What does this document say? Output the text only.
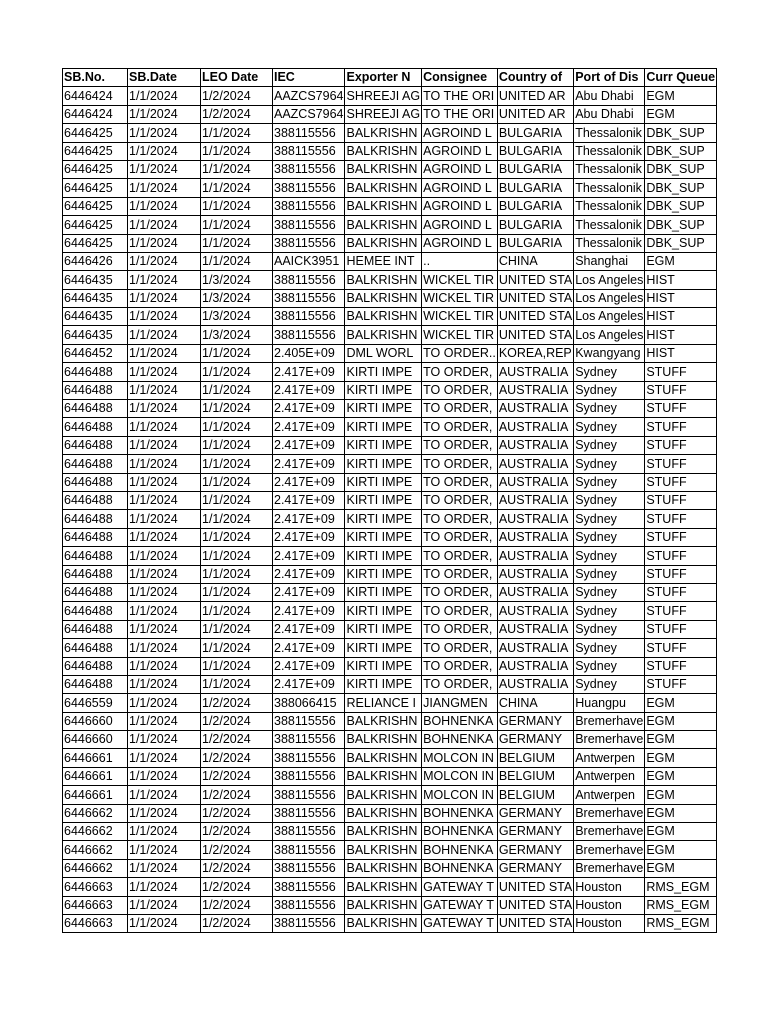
SB.No.	SB.Date	LEO Date	IEC	Exporter N	Consignee	Country of	Port of Dis	Curr Queue
6446424	1/1/2024	1/2/2024	AAZCS7964	SHREEJI AG	TO THE ORI	UNITED AR	Abu Dhabi	EGM
6446424	1/1/2024	1/2/2024	AAZCS7964	SHREEJI AG	TO THE ORI	UNITED AR	Abu Dhabi	EGM
6446425	1/1/2024	1/1/2024	388115556	BALKRISHN	AGROIND L	BULGARIA	Thessalonik	DBK_SUP
6446425	1/1/2024	1/1/2024	388115556	BALKRISHN	AGROIND L	BULGARIA	Thessalonik	DBK_SUP
6446425	1/1/2024	1/1/2024	388115556	BALKRISHN	AGROIND L	BULGARIA	Thessalonik	DBK_SUP
6446425	1/1/2024	1/1/2024	388115556	BALKRISHN	AGROIND L	BULGARIA	Thessalonik	DBK_SUP
6446425	1/1/2024	1/1/2024	388115556	BALKRISHN	AGROIND L	BULGARIA	Thessalonik	DBK_SUP
6446425	1/1/2024	1/1/2024	388115556	BALKRISHN	AGROIND L	BULGARIA	Thessalonik	DBK_SUP
6446425	1/1/2024	1/1/2024	388115556	BALKRISHN	AGROIND L	BULGARIA	Thessalonik	DBK_SUP
6446426	1/1/2024	1/1/2024	AAICK3951	HEMEE INT	..	CHINA	Shanghai	EGM
6446435	1/1/2024	1/3/2024	388115556	BALKRISHN	WICKEL TIR	UNITED STA	Los Angeles	HIST
6446435	1/1/2024	1/3/2024	388115556	BALKRISHN	WICKEL TIR	UNITED STA	Los Angeles	HIST
6446435	1/1/2024	1/3/2024	388115556	BALKRISHN	WICKEL TIR	UNITED STA	Los Angeles	HIST
6446435	1/1/2024	1/3/2024	388115556	BALKRISHN	WICKEL TIR	UNITED STA	Los Angeles	HIST
6446452	1/1/2024	1/1/2024	2.405E+09	DML WORL	TO ORDER..	KOREA,REP	Kwangyang	HIST
6446488	1/1/2024	1/1/2024	2.417E+09	KIRTI IMPE	TO ORDER,	AUSTRALIA	Sydney	STUFF
6446488	1/1/2024	1/1/2024	2.417E+09	KIRTI IMPE	TO ORDER,	AUSTRALIA	Sydney	STUFF
6446488	1/1/2024	1/1/2024	2.417E+09	KIRTI IMPE	TO ORDER,	AUSTRALIA	Sydney	STUFF
6446488	1/1/2024	1/1/2024	2.417E+09	KIRTI IMPE	TO ORDER,	AUSTRALIA	Sydney	STUFF
6446488	1/1/2024	1/1/2024	2.417E+09	KIRTI IMPE	TO ORDER,	AUSTRALIA	Sydney	STUFF
6446488	1/1/2024	1/1/2024	2.417E+09	KIRTI IMPE	TO ORDER,	AUSTRALIA	Sydney	STUFF
6446488	1/1/2024	1/1/2024	2.417E+09	KIRTI IMPE	TO ORDER,	AUSTRALIA	Sydney	STUFF
6446488	1/1/2024	1/1/2024	2.417E+09	KIRTI IMPE	TO ORDER,	AUSTRALIA	Sydney	STUFF
6446488	1/1/2024	1/1/2024	2.417E+09	KIRTI IMPE	TO ORDER,	AUSTRALIA	Sydney	STUFF
6446488	1/1/2024	1/1/2024	2.417E+09	KIRTI IMPE	TO ORDER,	AUSTRALIA	Sydney	STUFF
6446488	1/1/2024	1/1/2024	2.417E+09	KIRTI IMPE	TO ORDER,	AUSTRALIA	Sydney	STUFF
6446488	1/1/2024	1/1/2024	2.417E+09	KIRTI IMPE	TO ORDER,	AUSTRALIA	Sydney	STUFF
6446488	1/1/2024	1/1/2024	2.417E+09	KIRTI IMPE	TO ORDER,	AUSTRALIA	Sydney	STUFF
6446488	1/1/2024	1/1/2024	2.417E+09	KIRTI IMPE	TO ORDER,	AUSTRALIA	Sydney	STUFF
6446488	1/1/2024	1/1/2024	2.417E+09	KIRTI IMPE	TO ORDER,	AUSTRALIA	Sydney	STUFF
6446488	1/1/2024	1/1/2024	2.417E+09	KIRTI IMPE	TO ORDER,	AUSTRALIA	Sydney	STUFF
6446488	1/1/2024	1/1/2024	2.417E+09	KIRTI IMPE	TO ORDER,	AUSTRALIA	Sydney	STUFF
6446488	1/1/2024	1/1/2024	2.417E+09	KIRTI IMPE	TO ORDER,	AUSTRALIA	Sydney	STUFF
6446559	1/1/2024	1/2/2024	388066415	RELIANCE I	JIANGMEN	CHINA	Huangpu	EGM
6446660	1/1/2024	1/2/2024	388115556	BALKRISHN	BOHNENKA	GERMANY	Bremerhave	EGM
6446660	1/1/2024	1/2/2024	388115556	BALKRISHN	BOHNENKA	GERMANY	Bremerhave	EGM
6446661	1/1/2024	1/2/2024	388115556	BALKRISHN	MOLCON IN	BELGIUM	Antwerpen	EGM
6446661	1/1/2024	1/2/2024	388115556	BALKRISHN	MOLCON IN	BELGIUM	Antwerpen	EGM
6446661	1/1/2024	1/2/2024	388115556	BALKRISHN	MOLCON IN	BELGIUM	Antwerpen	EGM
6446662	1/1/2024	1/2/2024	388115556	BALKRISHN	BOHNENKA	GERMANY	Bremerhave	EGM
6446662	1/1/2024	1/2/2024	388115556	BALKRISHN	BOHNENKA	GERMANY	Bremerhave	EGM
6446662	1/1/2024	1/2/2024	388115556	BALKRISHN	BOHNENKA	GERMANY	Bremerhave	EGM
6446662	1/1/2024	1/2/2024	388115556	BALKRISHN	BOHNENKA	GERMANY	Bremerhave	EGM
6446663	1/1/2024	1/2/2024	388115556	BALKRISHN	GATEWAY T	UNITED STA	Houston	RMS_EGM
6446663	1/1/2024	1/2/2024	388115556	BALKRISHN	GATEWAY T	UNITED STA	Houston	RMS_EGM
6446663	1/1/2024	1/2/2024	388115556	BALKRISHN	GATEWAY T	UNITED STA	Houston	RMS_EGM
